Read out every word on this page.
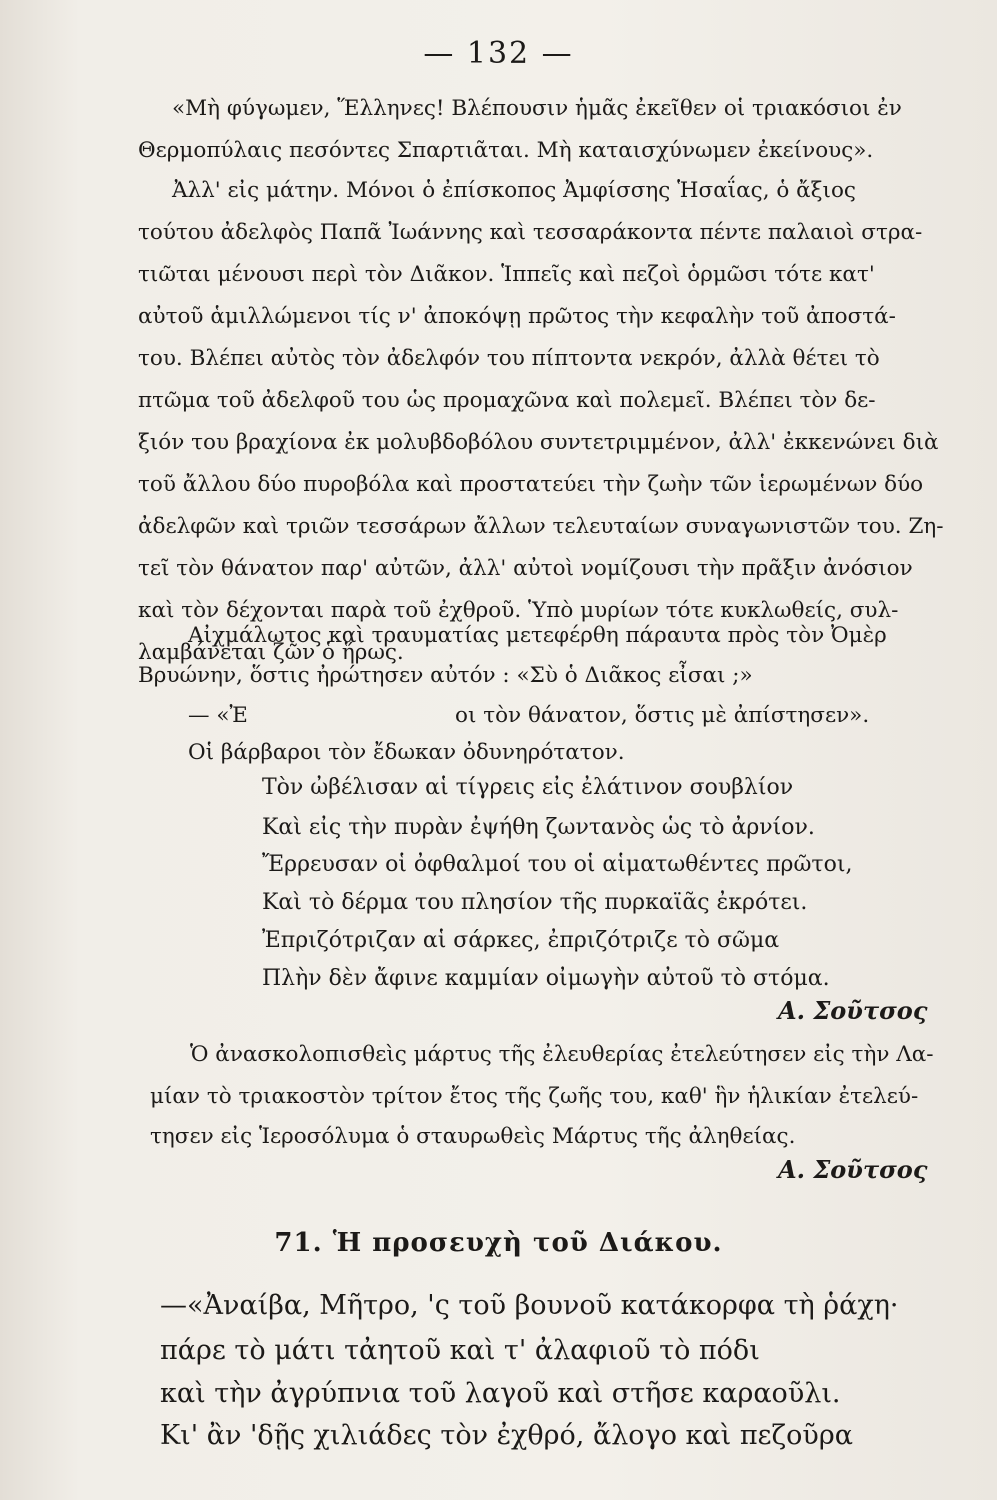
— 132 —
«Μὴ φύγωμεν, Ἕλληνες! Βλέπουσιν ἡμᾶς ἐκεῖθεν οἱ τριακόσιοι ἐν
Θερμοπύλαις πεσόντες Σπαρτιᾶται. Μὴ καταισχύνωμεν ἐκείνους».
Ἀλλ' εἰς μάτην. Μόνοι ὁ ἐπίσκοπος Ἀμφίσσης Ἡσαΐας, ὁ ἄξιος
τούτου ἀδελφὸς Παπᾶ Ἰωάννης καὶ τεσσαράκοντα πέντε παλαιοὶ στρα-
τιῶται μένουσι περὶ τὸν Διᾶκον. Ἱππεῖς καὶ πεζοὶ ὁρμῶσι τότε κατ'
αὐτοῦ ἁμιλλώμενοι τίς ν' ἀποκόψῃ πρῶτος τὴν κεφαλὴν τοῦ ἀποστά-
του. Βλέπει αὐτὸς τὸν ἀδελφόν του πίπτοντα νεκρόν, ἀλλὰ θέτει τὸ
πτῶμα τοῦ ἀδελφοῦ του ὡς προμαχῶνα καὶ πολεμεῖ. Βλέπει τὸν δε-
ξιόν του βραχίονα ἐκ μολυβδοβόλου συντετριμμένον, ἀλλ' ἐκκενώνει διὰ
τοῦ ἄλλου δύο πυροβόλα καὶ προστατεύει τὴν ζωὴν τῶν ἱερωμένων δύο
ἀδελφῶν καὶ τριῶν τεσσάρων ἄλλων τελευταίων συναγωνιστῶν του. Ζη-
τεῖ τὸν θάνατον παρ' αὐτῶν, ἀλλ' αὐτοὶ νομίζουσι τὴν πρᾶξιν ἀνόσιον
καὶ τὸν δέχονται παρὰ τοῦ ἐχθροῦ. Ὑπὸ μυρίων τότε κυκλωθείς, συλ-
λαμβάνεται ζῶν ὁ ἥρως.
Αἰχμάλωτος καὶ τραυματίας μετεφέρθη πάραυτα πρὸς τὸν Ὀμὲρ
Βρυώνην, ὅστις ἠρώτησεν αὐτόν : «Σὺ ὁ Διᾶκος εἶσαι ;»
— «Ἐ	οι τὸν θάνατον, ὅστις μὲ ἀπίστησεν».
Οἱ βάρβαροι τὸν ἔδωκαν ὀδυνηρότατον.
Τὸν ὠβέλισαν αἱ τίγρεις εἰς ἐλάτινον σουβλίον
Καὶ εἰς τὴν πυρὰν ἐψήθη ζωντανὸς ὡς τὸ ἀρνίον.
Ἔρρευσαν οἱ ὀφθαλμοί του οἱ αἱματωθέντες πρῶτοι,
Καὶ τὸ δέρμα του πλησίον τῆς πυρκαϊᾶς ἐκρότει.
Ἐπριζότριζαν αἱ σάρκες, ἐπριζότριζε τὸ σῶμα
Πλὴν δὲν ἄφινε καμμίαν οἰμωγὴν αὐτοῦ τὸ στόμα.
Α. Σοῦτσος
Ὁ ἀνασκολοπισθεὶς μάρτυς τῆς ἐλευθερίας ἐτελεύτησεν εἰς τὴν Λα-
μίαν τὸ τριακοστὸν τρίτον ἔτος τῆς ζωῆς του, καθ' ἣν ἡλικίαν ἐτελεύ-
τησεν εἰς Ἱεροσόλυμα ὁ σταυρωθεὶς Μάρτυς τῆς ἀληθείας.
Α. Σοῦτσος
71. Ἡ προσευχὴ τοῦ Διάκου.
—«Ἀναίβα, Μῆτρο, 'ς τοῦ βουνοῦ κατάκορφα τὴ ῥάχη·
πάρε τὸ μάτι τἀητοῦ καὶ τ' ἀλαφιοῦ τὸ πόδι
καὶ τὴν ἀγρύπνια τοῦ λαγοῦ καὶ στῆσε καραοῦλι.
Κι' ἂν 'δῇς χιλιάδες τὸν ἐχθρό, ἄλογο καὶ πεζοῦρα
